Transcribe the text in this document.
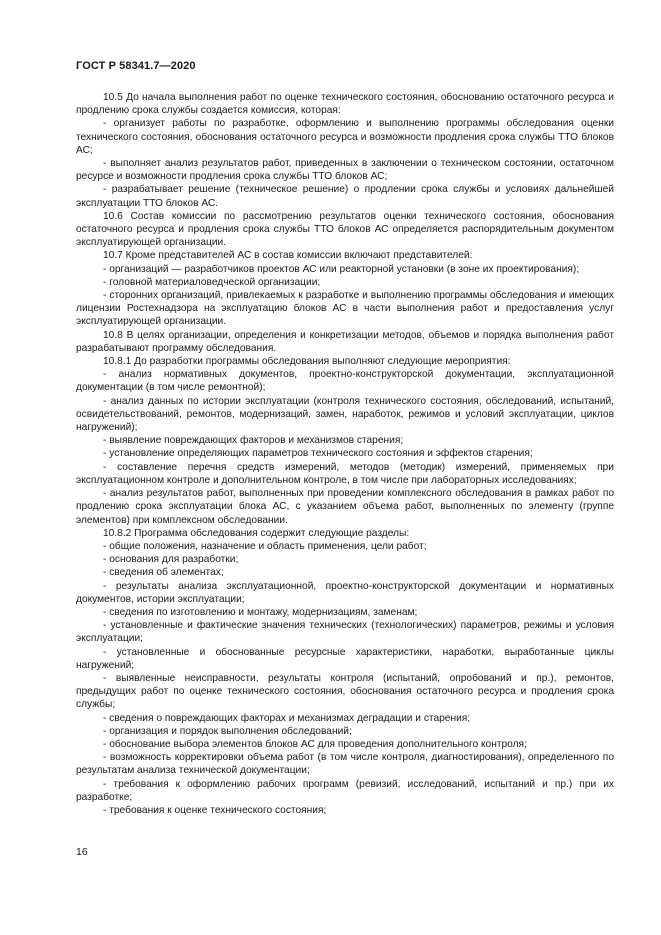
ГОСТ Р 58341.7—2020

10.5 До начала выполнения работ по оценке технического состояния, обоснованию остаточного ресурса и продлению срока службы создается комиссия, которая:

- организует работы по разработке, оформлению и выполнению программы обследования оценки технического состояния, обоснования остаточного ресурса и возможности продления срока службы ТТО блоков АС;

- выполняет анализ результатов работ, приведенных в заключении о техническом состоянии, остаточном ресурсе и возможности продления срока службы ТТО блоков АС;

- разрабатывает решение (техническое решение) о продлении срока службы и условиях дальнейшей эксплуатации ТТО блоков АС.

10.6 Состав комиссии по рассмотрению результатов оценки технического состояния, обоснования остаточного ресурса и продления срока службы ТТО блоков АС определяется распорядительным документом эксплуатирующей организации.

10.7 Кроме представителей АС в состав комиссии включают представителей:

- организаций — разработчиков проектов АС или реакторной установки (в зоне их проектирования);

- головной материаловедческой организации;

- сторонних организаций, привлекаемых к разработке и выполнению программы обследования и имеющих лицензии Ростехнадзора на эксплуатацию блоков АС в части выполнения работ и предоставления услуг эксплуатирующей организации.

10.8 В целях организации, определения и конкретизации методов, объемов и порядка выполнения работ разрабатывают программу обследования.

10.8.1 До разработки программы обследования выполняют следующие мероприятия:

- анализ нормативных документов, проектно-конструкторской документации, эксплуатационной документации (в том числе ремонтной);

- анализ данных по истории эксплуатации (контроля технического состояния, обследований, испытаний, освидетельствований, ремонтов, модернизаций, замен, наработок, режимов и условий эксплуатации, циклов нагружений);

- выявление повреждающих факторов и механизмов старения;

- установление определяющих параметров технического состояния и эффектов старения;

- составление перечня средств измерений, методов (методик) измерений, применяемых при эксплуатационном контроле и дополнительном контроле, в том числе при лабораторных исследованиях;

- анализ результатов работ, выполненных при проведении комплексного обследования в рамках работ по продлению срока эксплуатации блока АС, с указанием объема работ, выполненных по элементу (группе элементов) при комплексном обследовании.

10.8.2 Программа обследования содержит следующие разделы:

- общие положения, назначение и область применения, цели работ;

- основания для разработки;

- сведения об элементах;

- результаты анализа эксплуатационной, проектно-конструкторской документации и нормативных документов, истории эксплуатации;

- сведения по изготовлению и монтажу, модернизациям, заменам;

- установленные и фактические значения технических (технологических) параметров, режимы и условия эксплуатации;

- установленные и обоснованные ресурсные характеристики, наработки, выработанные циклы нагружений;

- выявленные неисправности, результаты контроля (испытаний, опробований и пр.), ремонтов, предыдущих работ по оценке технического состояния, обоснования остаточного ресурса и продления срока службы;

- сведения о повреждающих факторах и механизмах деградации и старения;

- организация и порядок выполнения обследований;

- обоснование выбора элементов блоков АС для проведения дополнительного контроля;

- возможность корректировки объема работ (в том числе контроля, диагностирования), определенного по результатам анализа технической документации;

- требования к оформлению рабочих программ (ревизий, исследований, испытаний и пр.) при их разработке;

- требования к оценке технического состояния;

16
